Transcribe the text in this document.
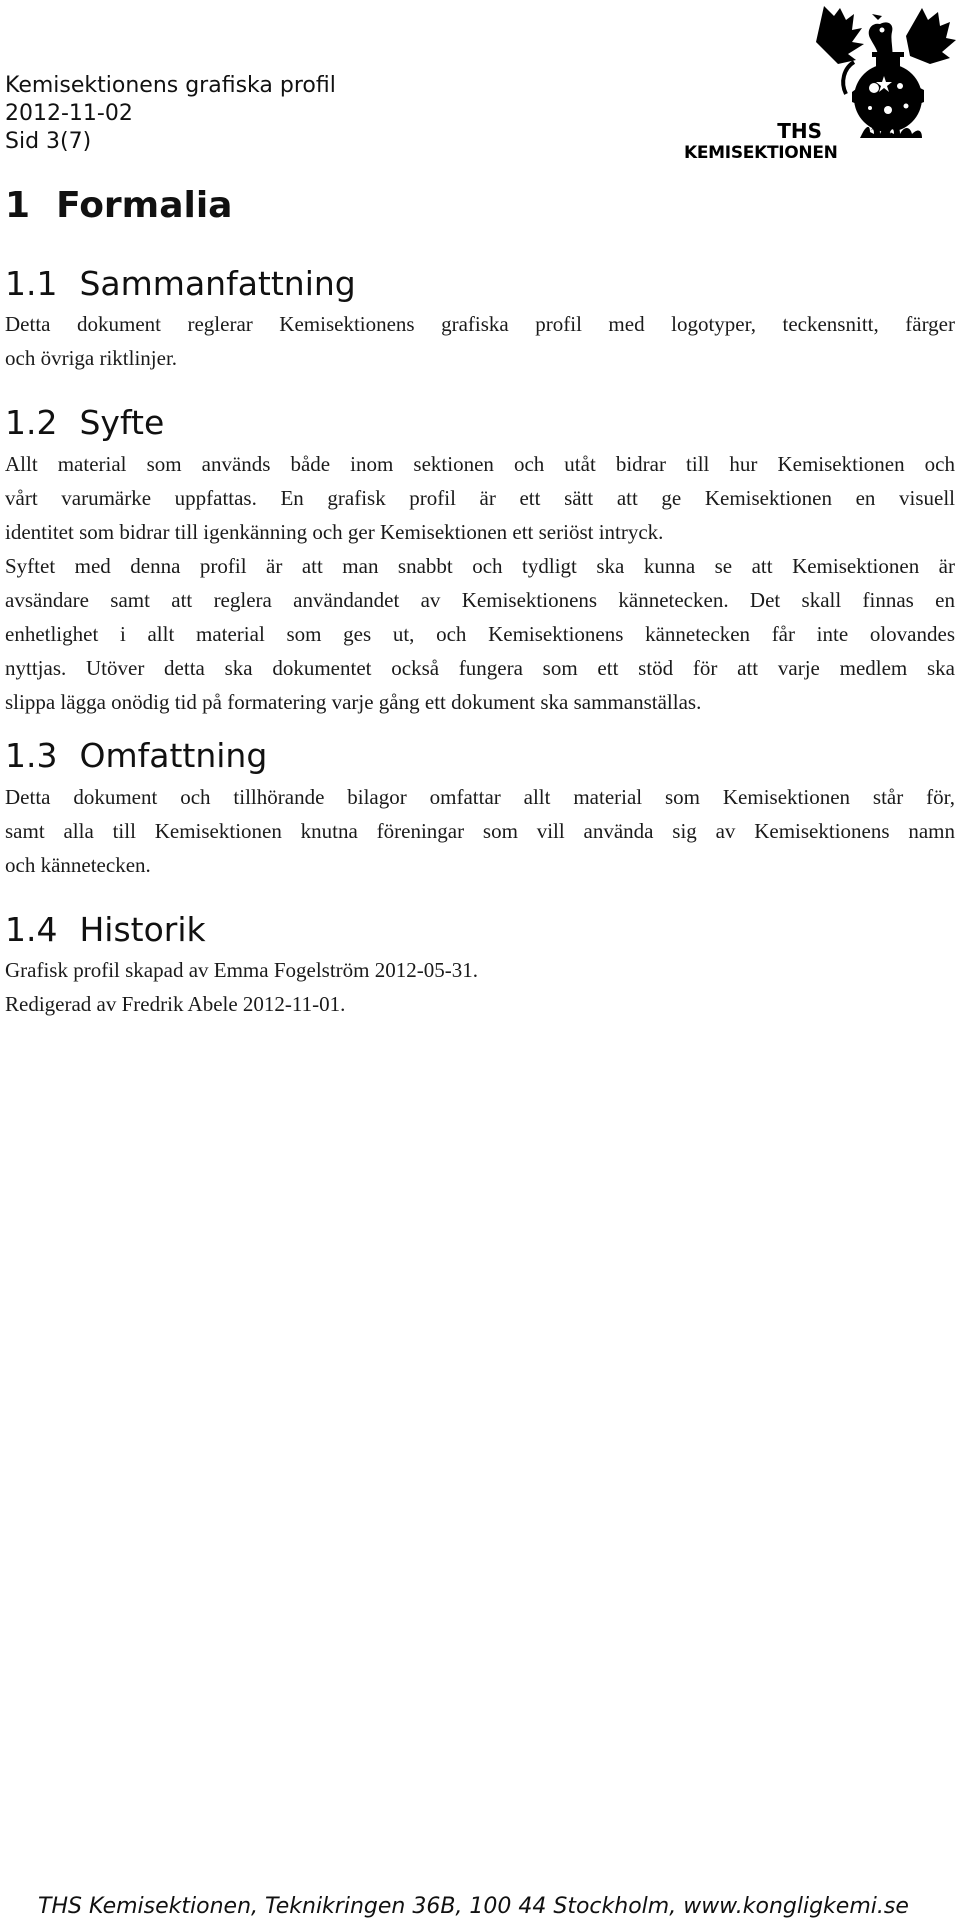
Kemisektionens grafiska profil
2012-11-02
Sid 3(7)	THS
KEMISEKTIONEN
1 Formalia
1.1 Sammanfattning
Detta dokument reglerar Kemisektionens grafiska profil med logotyper, teckensnitt, färger
och övriga riktlinjer.
1.2 Syfte
Allt material som används både inom sektionen och utåt bidrar till hur Kemisektionen och
vårt varumärke uppfattas. En grafisk profil är ett sätt att ge Kemisektionen en visuell
identitet som bidrar till igenkänning och ger Kemisektionen ett seriöst intryck.
Syftet med denna profil är att man snabbt och tydligt ska kunna se att Kemisektionen är
avsändare samt att reglera användandet av Kemisektionens kännetecken. Det skall finnas en
enhetlighet i allt material som ges ut, och Kemisektionens kännetecken får inte olovandes
nyttjas. Utöver detta ska dokumentet också fungera som ett stöd för att varje medlem ska
slippa lägga onödig tid på formatering varje gång ett dokument ska sammanställas.
1.3 Omfattning
Detta dokument och tillhörande bilagor omfattar allt material som Kemisektionen står för,
samt alla till Kemisektionen knutna föreningar som vill använda sig av Kemisektionens namn
och kännetecken.
1.4 Historik
Grafisk profil skapad av Emma Fogelström 2012-05-31.
Redigerad av Fredrik Abele 2012-11-01.
THS Kemisektionen, Teknikringen 36B, 100 44 Stockholm, www.kongligkemi.se
